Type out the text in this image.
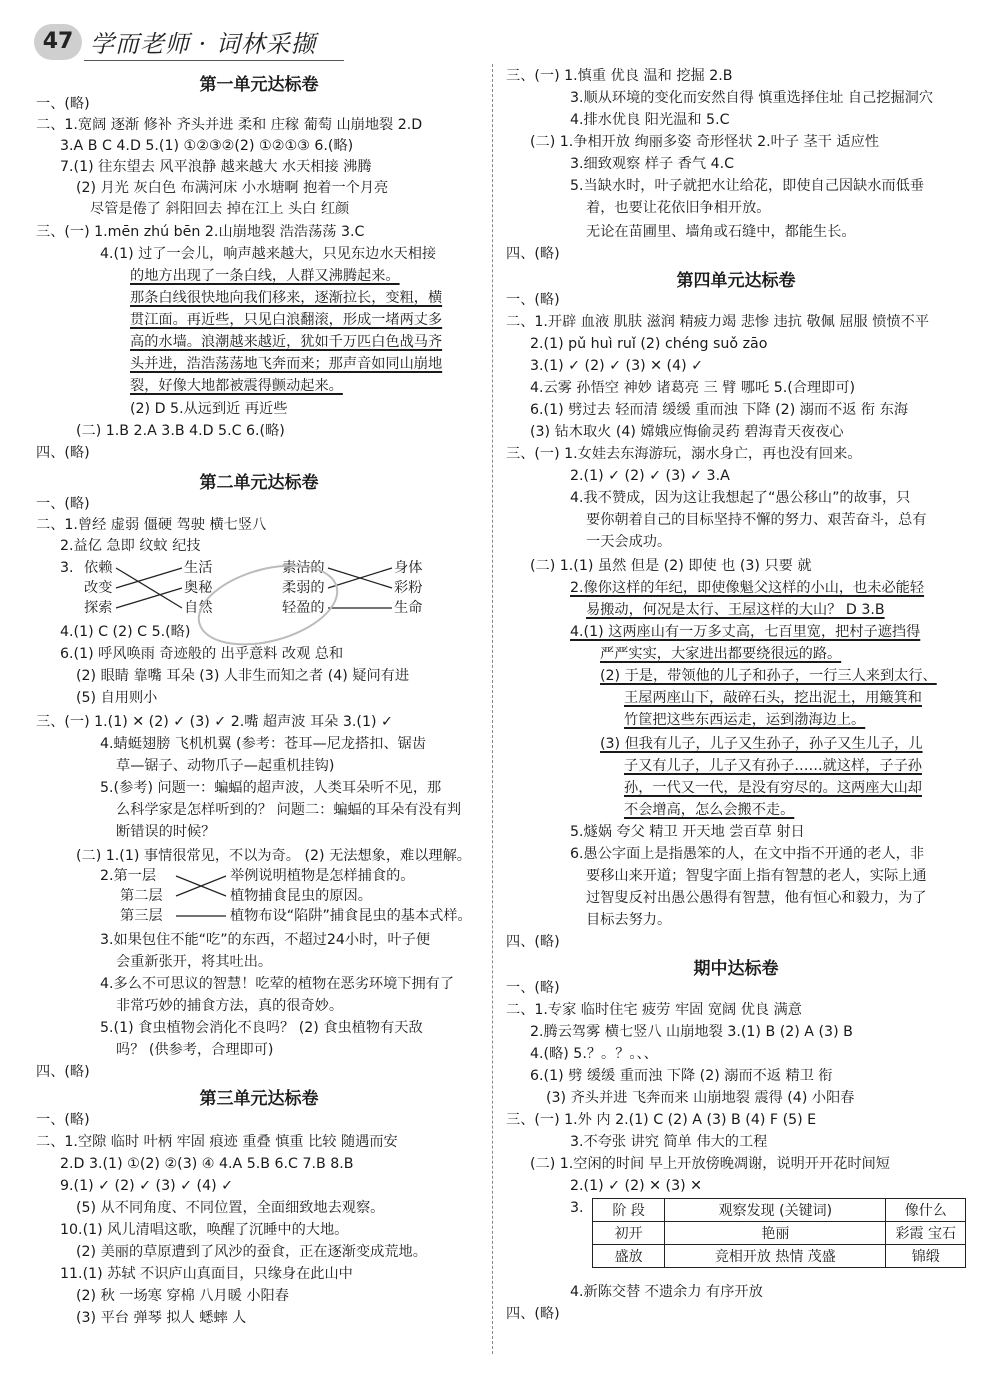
47 学而老师 · 词林采撷

第一单元达标卷
一、(略)
二、1.宽阔 逐渐 修补 齐头并进 柔和 庄稼 葡萄 山崩地裂 2.D
3.A B C 4.D 5.(1) ①②③②(2) ①②①③ 6.(略)
7.(1) 往东望去 风平浪静 越来越大 水天相接 沸腾
(2) 月光 灰白色 布满河床 小水塘啊 抱着一个月亮
尽管是倦了 斜阳回去 掉在江上 头白 红颜
三、(一) 1.mēn zhú bēn 2.山崩地裂 浩浩荡荡 3.C
4.(1) 过了一会儿，响声越来越大，只见东边水天相接
的地方出现了一条白线，人群又沸腾起来。
那条白线很快地向我们移来，逐渐拉长，变粗，横
贯江面。再近些，只见白浪翻滚，形成一堵两丈多
高的水墙。浪潮越来越近，犹如千万匹白色战马齐
头并进，浩浩荡荡地飞奔而来；那声音如同山崩地
裂，好像大地都被震得颤动起来。
(2) D 5.从远到近 再近些
(二) 1.B 2.A 3.B 4.D 5.C 6.(略)
四、(略)
第二单元达标卷
一、(略)
二、1.曾经 虚弱 僵硬 驾驶 横七竖八
2.益亿 急即 纹蚊 纪技
3. 依赖
改变
探索
生活
奥秘
自然
素洁的
柔弱的
轻盈的
身体
彩粉
生命
4.(1) C (2) C 5.(略)
6.(1) 呼风唤雨 奇迹般的 出乎意料 改观 总和
(2) 眼睛 靠嘴 耳朵 (3) 人非生而知之者 (4) 疑问有进
(5) 自用则小
三、(一) 1.(1) ✕ (2) ✓ (3) ✓ 2.嘴 超声波 耳朵 3.(1) ✓
4.蜻蜓翅膀 飞机机翼 (参考：苍耳—尼龙搭扣、锯齿
草—锯子、动物爪子—起重机挂钩)
5.(参考) 问题一：蝙蝠的超声波，人类耳朵听不见，那
么科学家是怎样听到的？ 问题二：蝙蝠的耳朵有没有判
断错误的时候？
(二) 1.(1) 事情很常见，不以为奇。 (2) 无法想象，难以理解。
2.第一层
第二层
第三层
举例说明植物是怎样捕食的。
植物捕食昆虫的原因。
植物布设“陷阱”捕食昆虫的基本式样。
3.如果包住不能“吃”的东西，不超过24小时，叶子便
会重新张开，将其吐出。
4.多么不可思议的智慧！吃荤的植物在恶劣环境下拥有了
非常巧妙的捕食方法，真的很奇妙。
5.(1) 食虫植物会消化不良吗？ (2) 食虫植物有天敌
吗？ (供参考，合理即可)
四、(略)
第三单元达标卷
一、(略)
二、1.空隙 临时 叶柄 牢固 痕迹 重叠 慎重 比较 随遇而安
2.D 3.(1) ①(2) ②(3) ④ 4.A 5.B 6.C 7.B 8.B
9.(1) ✓ (2) ✓ (3) ✓ (4) ✓
(5) 从不同角度、不同位置，全面细致地去观察。
10.(1) 风儿清唱这歌，唤醒了沉睡中的大地。
(2) 美丽的草原遭到了风沙的蚕食，正在逐渐变成荒地。
11.(1) 苏轼 不识庐山真面目，只缘身在此山中
(2) 秋 一场寒 穿棉 八月暖 小阳春
(3) 平台 弹琴 拟人 蟋蟀 人
三、(一) 1.慎重 优良 温和 挖掘 2.B
3.顺从环境的变化而安然自得 慎重选择住址 自己挖掘洞穴
4.排水优良 阳光温和 5.C
(二) 1.争相开放 绚丽多姿 奇形怪状 2.叶子 茎干 适应性
3.细致观察 样子 香气 4.C
5.当缺水时，叶子就把水让给花，即使自己因缺水而低垂
着，也要让花依旧争相开放。
无论在苗圃里、墙角或石缝中，都能生长。
四、(略)
第四单元达标卷
一、(略)
二、1.开辟 血液 肌肤 滋润 精疲力竭 悲惨 违抗 敬佩 屈服 愤愤不平
2.(1) pǔ huì ruǐ (2) chéng suǒ zāo
3.(1) ✓ (2) ✓ (3) ✕ (4) ✓
4.云雾 孙悟空 神妙 诸葛亮 三 臂 哪吒 5.(合理即可)
6.(1) 劈过去 轻而清 缓缓 重而浊 下降 (2) 溺而不返 衔 东海
(3) 钻木取火 (4) 嫦娥应悔偷灵药 碧海青天夜夜心
三、(一) 1.女娃去东海游玩，溺水身亡，再也没有回来。
2.(1) ✓ (2) ✓ (3) ✓ 3.A
4.我不赞成，因为这让我想起了“愚公移山”的故事，只
要你朝着自己的目标坚持不懈的努力、艰苦奋斗，总有
一天会成功。
(二) 1.(1) 虽然 但是 (2) 即使 也 (3) 只要 就
2.像你这样的年纪，即使像魁父这样的小山，也未必能轻
易搬动，何况是太行、王屋这样的大山？ D 3.B
4.(1) 这两座山有一万多丈高，七百里宽，把村子遮挡得
严严实实，大家进出都要绕很远的路。
(2) 于是，带领他的儿子和孙子，一行三人来到太行、
王屋两座山下，敲碎石头，挖出泥土，用簸箕和
竹筐把这些东西运走，运到渤海边上。
(3) 但我有儿子，儿子又生孙子，孙子又生儿子，儿
子又有儿子，儿子又有孙子……就这样，子子孙
孙，一代又一代，是没有穷尽的。这两座大山却
不会增高，怎么会搬不走。
5.燧娲 夸父 精卫 开天地 尝百草 射日
6.愚公字面上是指愚笨的人，在文中指不开通的老人，非
要移山来开道；智叟字面上指有智慧的老人，实际上通
过智叟反衬出愚公愚得有智慧，他有恒心和毅力，为了
目标去努力。
四、(略)
期中达标卷
一、(略)
二、1.专家 临时住宅 疲劳 牢固 宽阔 优良 满意
2.腾云驾雾 横七竖八 山崩地裂 3.(1) B (2) A (3) B
4.(略) 5.？。？。、、
6.(1) 劈 缓缓 重而浊 下降 (2) 溺而不返 精卫 衔
(3) 齐头并进 飞奔而来 山崩地裂 震得 (4) 小阳春
三、(一) 1.外 内 2.(1) C (2) A (3) B (4) F (5) E
3.不夸张 讲究 简单 伟大的工程
(二) 1.空闲的时间 早上开放傍晚凋谢，说明开开花时间短
2.(1) ✓ (2) ✕ (3) ✕
3. 阶 段	观察发现 (关键词)	像什么
初开	艳丽	彩霞 宝石
盛放	竞相开放 热情 茂盛	锦缎
4.新陈交替 不遗余力 有序开放
四、(略)
